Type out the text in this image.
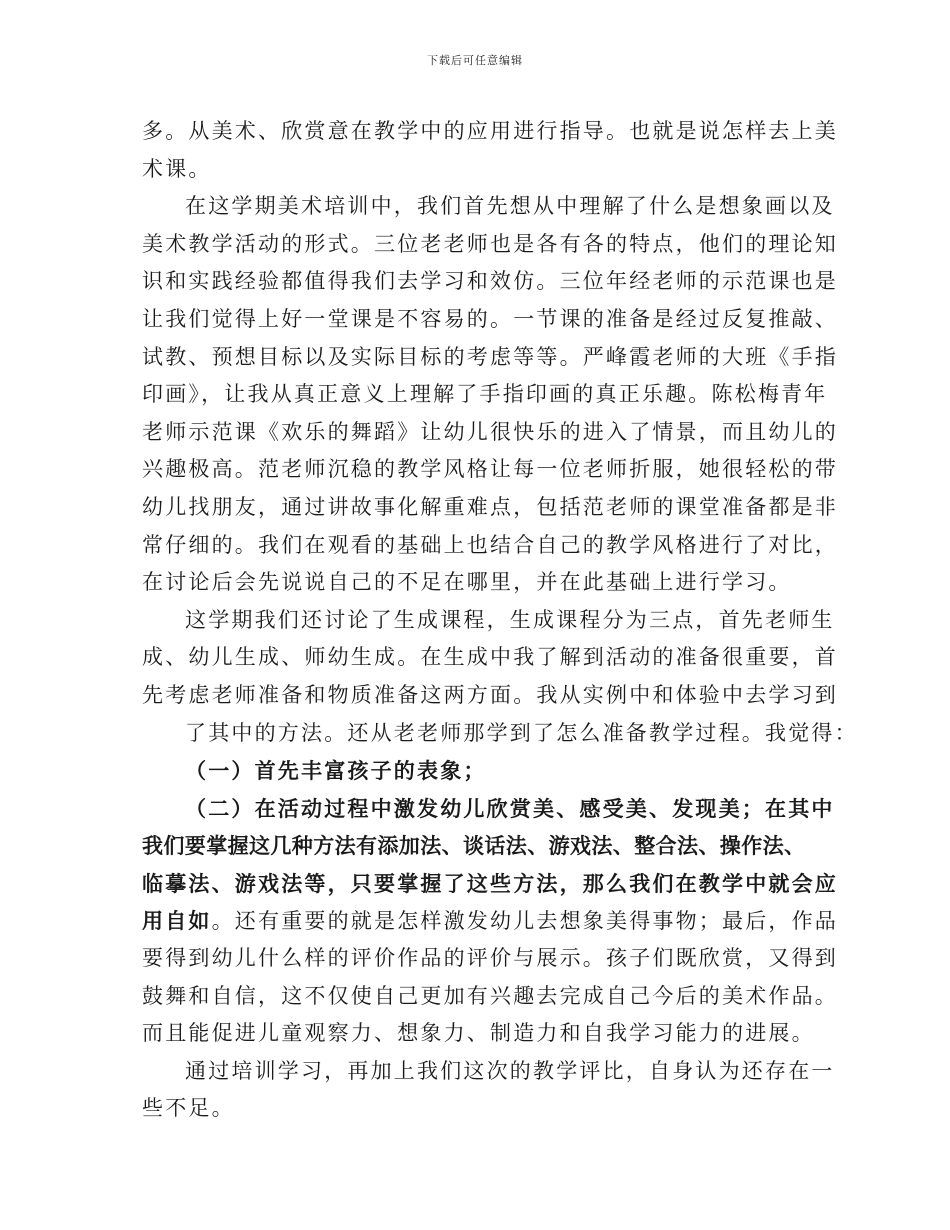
下载后可任意编辑
多。从美术、欣赏意在教学中的应用进行指导。也就是说怎样去上美
术课。
在这学期美术培训中，我们首先想从中理解了什么是想象画以及
美术教学活动的形式。三位老老师也是各有各的特点，他们的理论知
识和实践经验都值得我们去学习和效仿。三位年经老师的示范课也是
让我们觉得上好一堂课是不容易的。一节课的准备是经过反复推敲、
试教、预想目标以及实际目标的考虑等等。严峰霞老师的大班《手指
印画》，让我从真正意义上理解了手指印画的真正乐趣。陈松梅青年
老师示范课《欢乐的舞蹈》让幼儿很快乐的进入了情景，而且幼儿的
兴趣极高。范老师沉稳的教学风格让每一位老师折服，她很轻松的带
幼儿找朋友，通过讲故事化解重难点，包括范老师的课堂准备都是非
常仔细的。我们在观看的基础上也结合自己的教学风格进行了对比，
在讨论后会先说说自己的不足在哪里，并在此基础上进行学习。
这学期我们还讨论了生成课程，生成课程分为三点，首先老师生
成、幼儿生成、师幼生成。在生成中我了解到活动的准备很重要，首
先考虑老师准备和物质准备这两方面。我从实例中和体验中去学习到
了其中的方法。还从老老师那学到了怎么准备教学过程。我觉得：
（一）首先丰富孩子的表象；
（二）在活动过程中激发幼儿欣赏美、感受美、发现美；在其中
我们要掌握这几种方法有添加法、谈话法、游戏法、整合法、操作法、
临摹法、游戏法等，只要掌握了这些方法，那么我们在教学中就会应
用自如。还有重要的就是怎样激发幼儿去想象美得事物；最后，作品
要得到幼儿什么样的评价作品的评价与展示。孩子们既欣赏，又得到
鼓舞和自信，这不仅使自己更加有兴趣去完成自己今后的美术作品。
而且能促进儿童观察力、想象力、制造力和自我学习能力的进展。
通过培训学习，再加上我们这次的教学评比，自身认为还存在一
些不足。
